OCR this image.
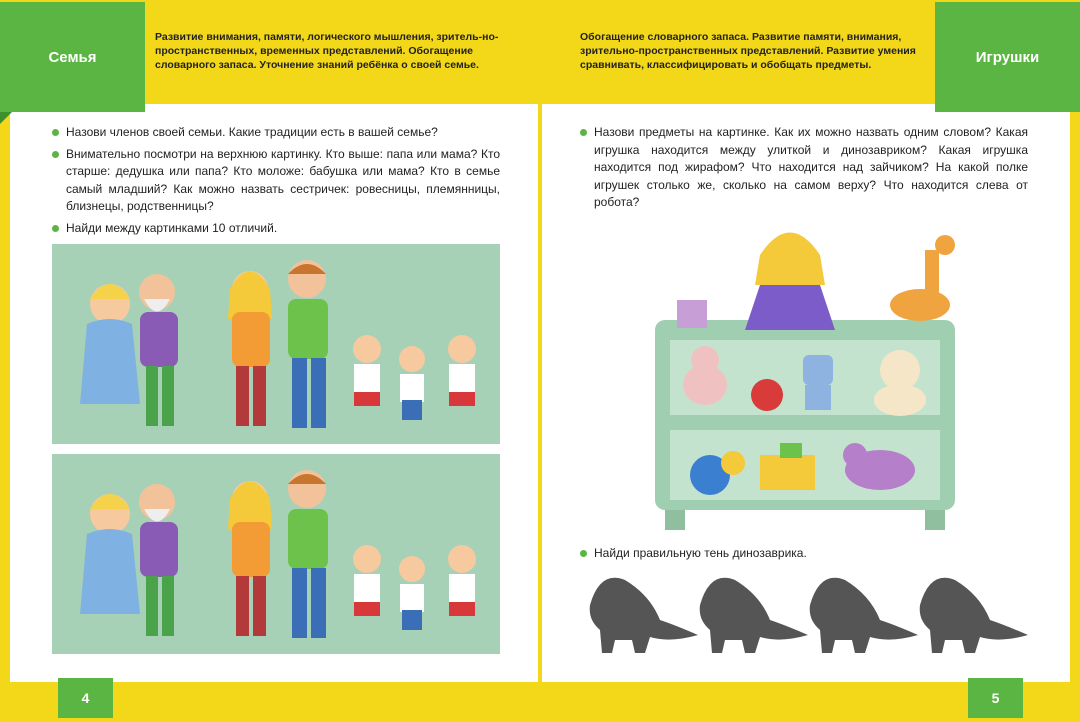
Семья	Игрушки
Развитие внимания, памяти, логического мышления, зритель-но-пространственных, временных представлений. Обогащение словарного запаса. Уточнение знаний ребёнка о своей семье.
Обогащение словарного запаса. Развитие памяти, внимания, зрительно-пространственных представлений. Развитие умения сравнивать, классифицировать и обобщать предметы.
Назови членов своей семьи. Какие традиции есть в вашей семье?
Внимательно посмотри на верхнюю картинку. Кто выше: папа или мама? Кто старше: дедушка или папа? Кто моложе: бабушка или мама? Кто в семье самый младший? Как можно назвать сестричек: ровесницы, племянницы, близнецы, родственницы?
Найди между картинками 10 отличий.
Назови предметы на картинке. Как их можно назвать одним словом? Какая игрушка находится между улиткой и динозавриком? Какая игрушка находится под жирафом? Что находится над зайчиком? На какой полке игрушек столько же, сколько на самом верху? Что находится слева от робота?
Найди правильную тень динозаврика.
4	5
